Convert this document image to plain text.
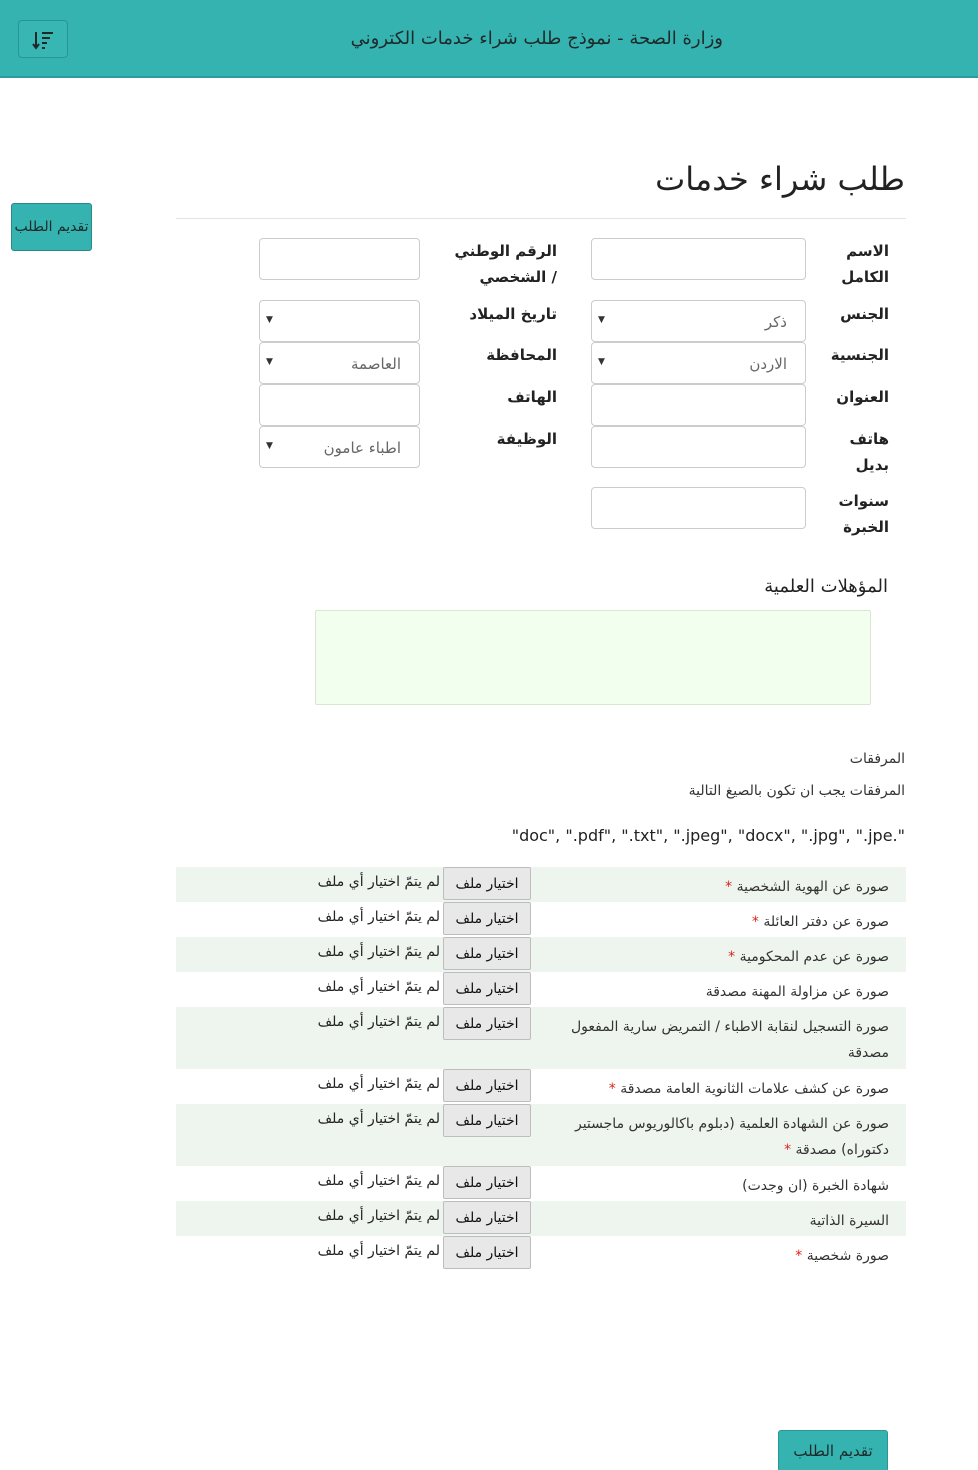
وزارة الصحة - نموذج طلب شراء خدمات الكتروني
طلب شراء خدمات
تقديم الطلب
الاسم الكامل
الرقم الوطني / الشخصي
الجنس
ذكر
▼
تاريخ الميلاد
▼
الجنسية
الاردن
▼
المحافظة
العاصمة
▼
العنوان
الهاتف
هاتف بديل
الوظيفة
اطباء عامون
▼
سنوات الخبرة
المؤهلات العلمية
المرفقات
المرفقات يجب ان تكون بالصيغ التالية
"doc", ".pdf", ".txt", ".jpeg", "docx", ".jpg", ".jpe."
صورة عن الهوية الشخصية *
اختيار ملف
لم يتمّ اختيار أي ملف
صورة عن دفتر العائلة *
اختيار ملف
لم يتمّ اختيار أي ملف
صورة عن عدم المحكومية *
اختيار ملف
لم يتمّ اختيار أي ملف
صورة عن مزاولة المهنة مصدقة
اختيار ملف
لم يتمّ اختيار أي ملف
صورة التسجيل لنقابة الاطباء / التمريض سارية المفعول مصدقة
اختيار ملف
لم يتمّ اختيار أي ملف
صورة عن كشف علامات الثانوية العامة مصدقة *
اختيار ملف
لم يتمّ اختيار أي ملف
صورة عن الشهادة العلمية (دبلوم باكالوريوس ماجستير دكتوراه) مصدقة *
اختيار ملف
لم يتمّ اختيار أي ملف
شهادة الخبرة (ان وجدت)
اختيار ملف
لم يتمّ اختيار أي ملف
السيرة الذاتية
اختيار ملف
لم يتمّ اختيار أي ملف
صورة شخصية *
اختيار ملف
لم يتمّ اختيار أي ملف
تقديم الطلب
